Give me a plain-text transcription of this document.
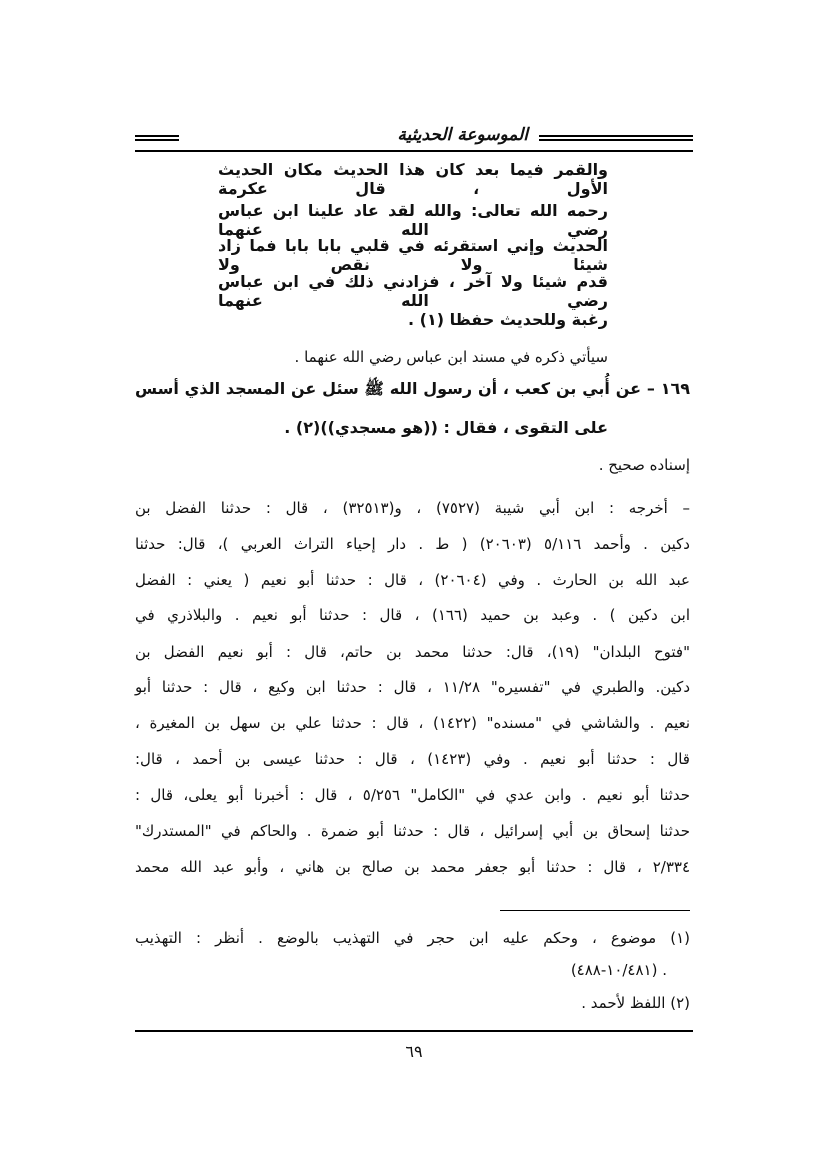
الموسوعة الحديثية
والقمر فيما بعد كان هذا الحديث مكان الحديث الأول ، قال عكرمة
رحمه الله تعالى: والله لقد عاد علينا ابن عباس رضي الله عنهما
الحديث وإني استقرئه في قلبي بابا بابا فما زاد شيئا ولا نقص ولا
قدم شيئا ولا آخر ، فزادني ذلك في ابن عباس رضي الله عنهما
رغبة وللحديث حفظا (١) .
سيأتي ذكره في مسند ابن عباس رضي الله عنهما .
١٦٩ – عن أُبي بن كعب ، أن رسول الله ﷺ سئل عن المسجد الذي أسس
على التقوى ، فقال : ((هو مسجدي))(٢) .
إسناده صحيح .
– أخرجه : ابن أبي شيبة (٧٥٢٧) ، و(٣٢٥١٣) ، قال : حدثنا الفضل بن
دكين . وأحمد ٥/١١٦ (٢٠٦٠٣) ( ط . دار إحياء التراث العربي )، قال: حدثنا
عبد الله بن الحارث . وفي (٢٠٦٠٤) ، قال : حدثنا أبو نعيم ( يعني : الفضل
ابن دكين ) . وعبد بن حميد (١٦٦) ، قال : حدثنا أبو نعيم . والبلاذري في
"فتوح البلدان" (١٩)، قال: حدثنا محمد بن حاتم، قال : أبو نعيم الفضل بن
دكين. والطبري في "تفسيره" ١١/٢٨ ، قال : حدثنا ابن وكيع ، قال : حدثنا أبو
نعيم . والشاشي في "مسنده" (١٤٢٢) ، قال : حدثنا علي بن سهل بن المغيرة ،
قال : حدثنا أبو نعيم . وفي (١٤٢٣) ، قال : حدثنا عيسى بن أحمد ، قال:
حدثنا أبو نعيم . وابن عدي في "الكامل" ٥/٢٥٦ ، قال : أخبرنا أبو يعلى، قال :
حدثنا إسحاق بن أبي إسرائيل ، قال : حدثنا أبو ضمرة . والحاكم في "المستدرك"
٢/٣٣٤ ، قال : حدثنا أبو جعفر محمد بن صالح بن هاني ، وأبو عبد الله محمد
(١) موضوع ، وحكم عليه ابن حجر في التهذيب بالوضع . أنظر : التهذيب
(١٠/٤٨١-٤٨٨) .
(٢) اللفظ لأحمد .
٦٩
